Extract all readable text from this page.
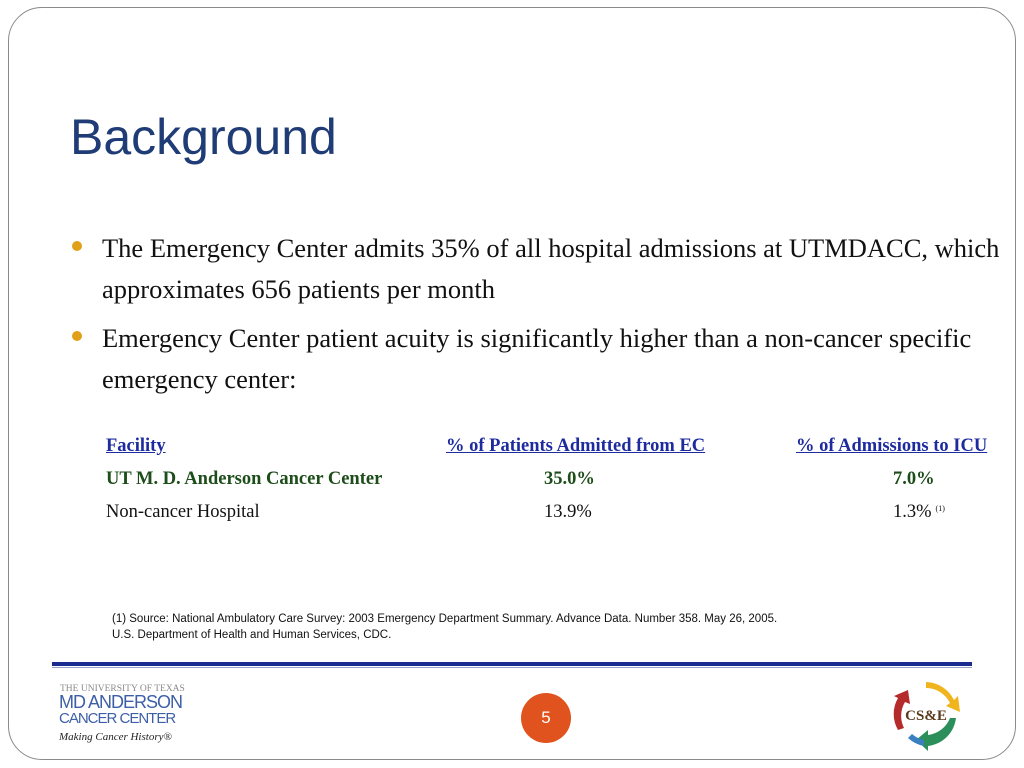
Background
The Emergency Center admits 35% of all hospital admissions at UTMDACC, which approximates 656 patients per month
Emergency Center patient acuity is significantly higher than a non-cancer specific emergency center:
Facility	% of Patients Admitted from EC	% of Admissions to ICU
UT M. D. Anderson Cancer Center	35.0%	7.0%
Non-cancer Hospital	13.9%	1.3% $^{(1)}$
(1) Source: National Ambulatory Care Survey: 2003 Emergency Department Summary. Advance Data. Number 358. May 26, 2005.
U.S. Department of Health and Human Services, CDC.
THE UNIVERSITY OF TEXAS
MD ANDERSON
CANCER CENTER
Making Cancer History®
5	CS&E
